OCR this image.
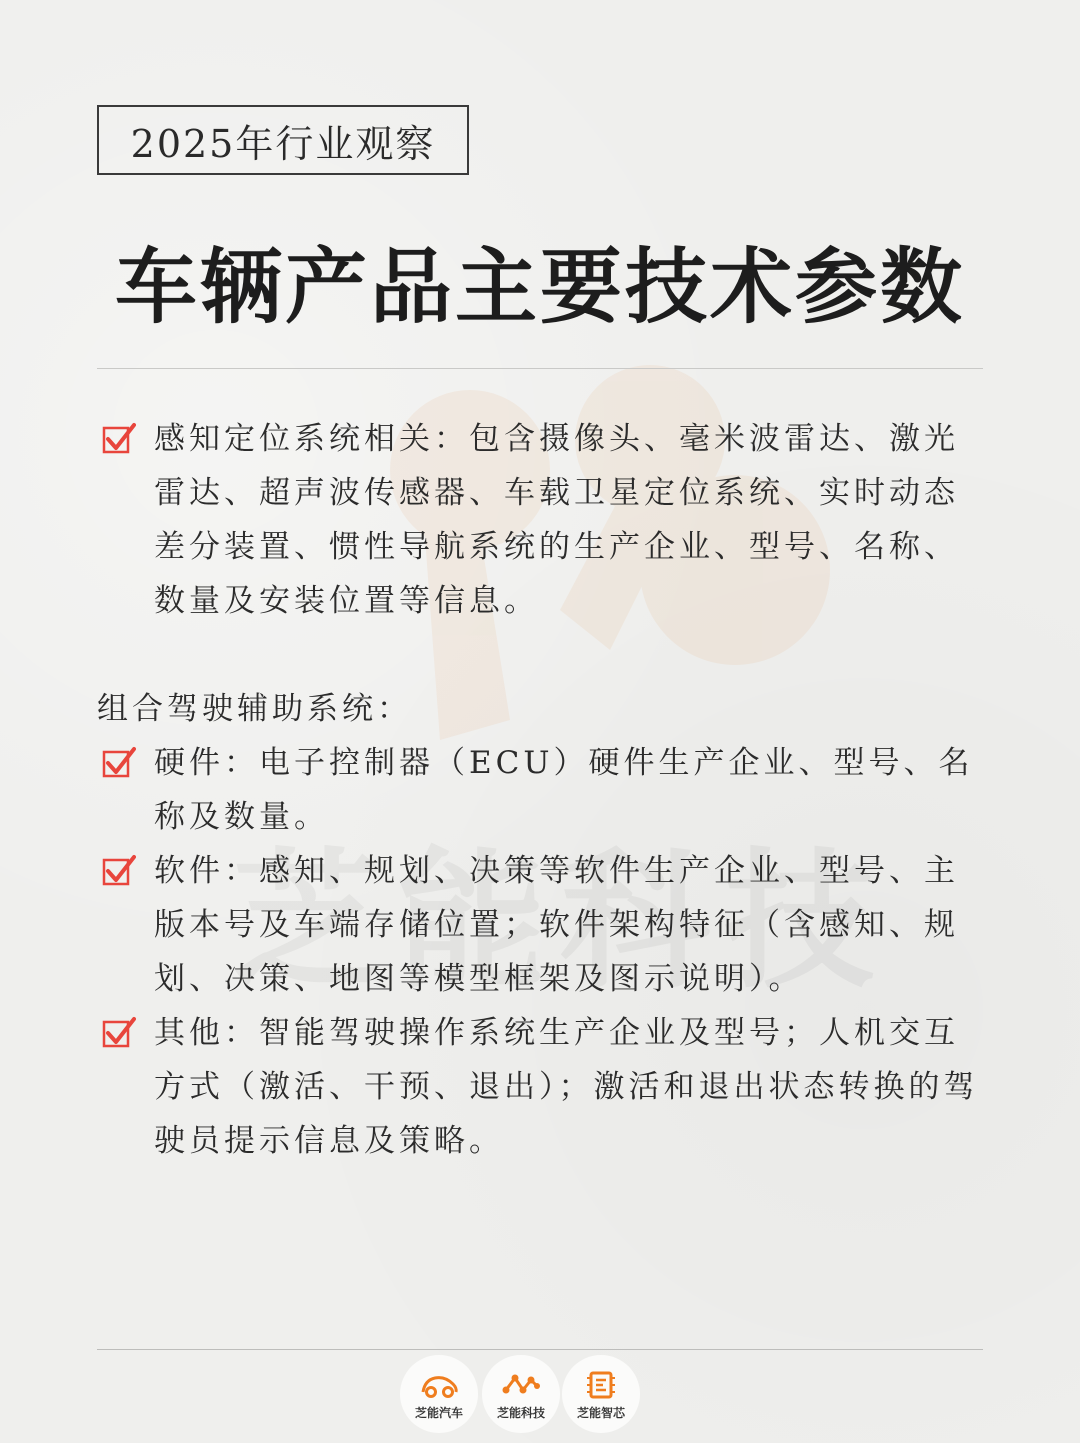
2025年行业观察
车辆产品主要技术参数
感知定位系统相关：包含摄像头、毫米波雷达、激光雷达、超声波传感器、车载卫星定位系统、实时动态差分装置、惯性导航系统的生产企业、型号、名称、数量及安装位置等信息。
组合驾驶辅助系统：
硬件：电子控制器（ECU）硬件生产企业、型号、名称及数量。
软件：感知、规划、决策等软件生产企业、型号、主版本号及车端存储位置；软件架构特征（含感知、规划、决策、地图等模型框架及图示说明）。
其他：智能驾驶操作系统生产企业及型号；人机交互方式（激活、干预、退出）；激活和退出状态转换的驾驶员提示信息及策略。
芝能汽车	芝能科技	芝能智芯
